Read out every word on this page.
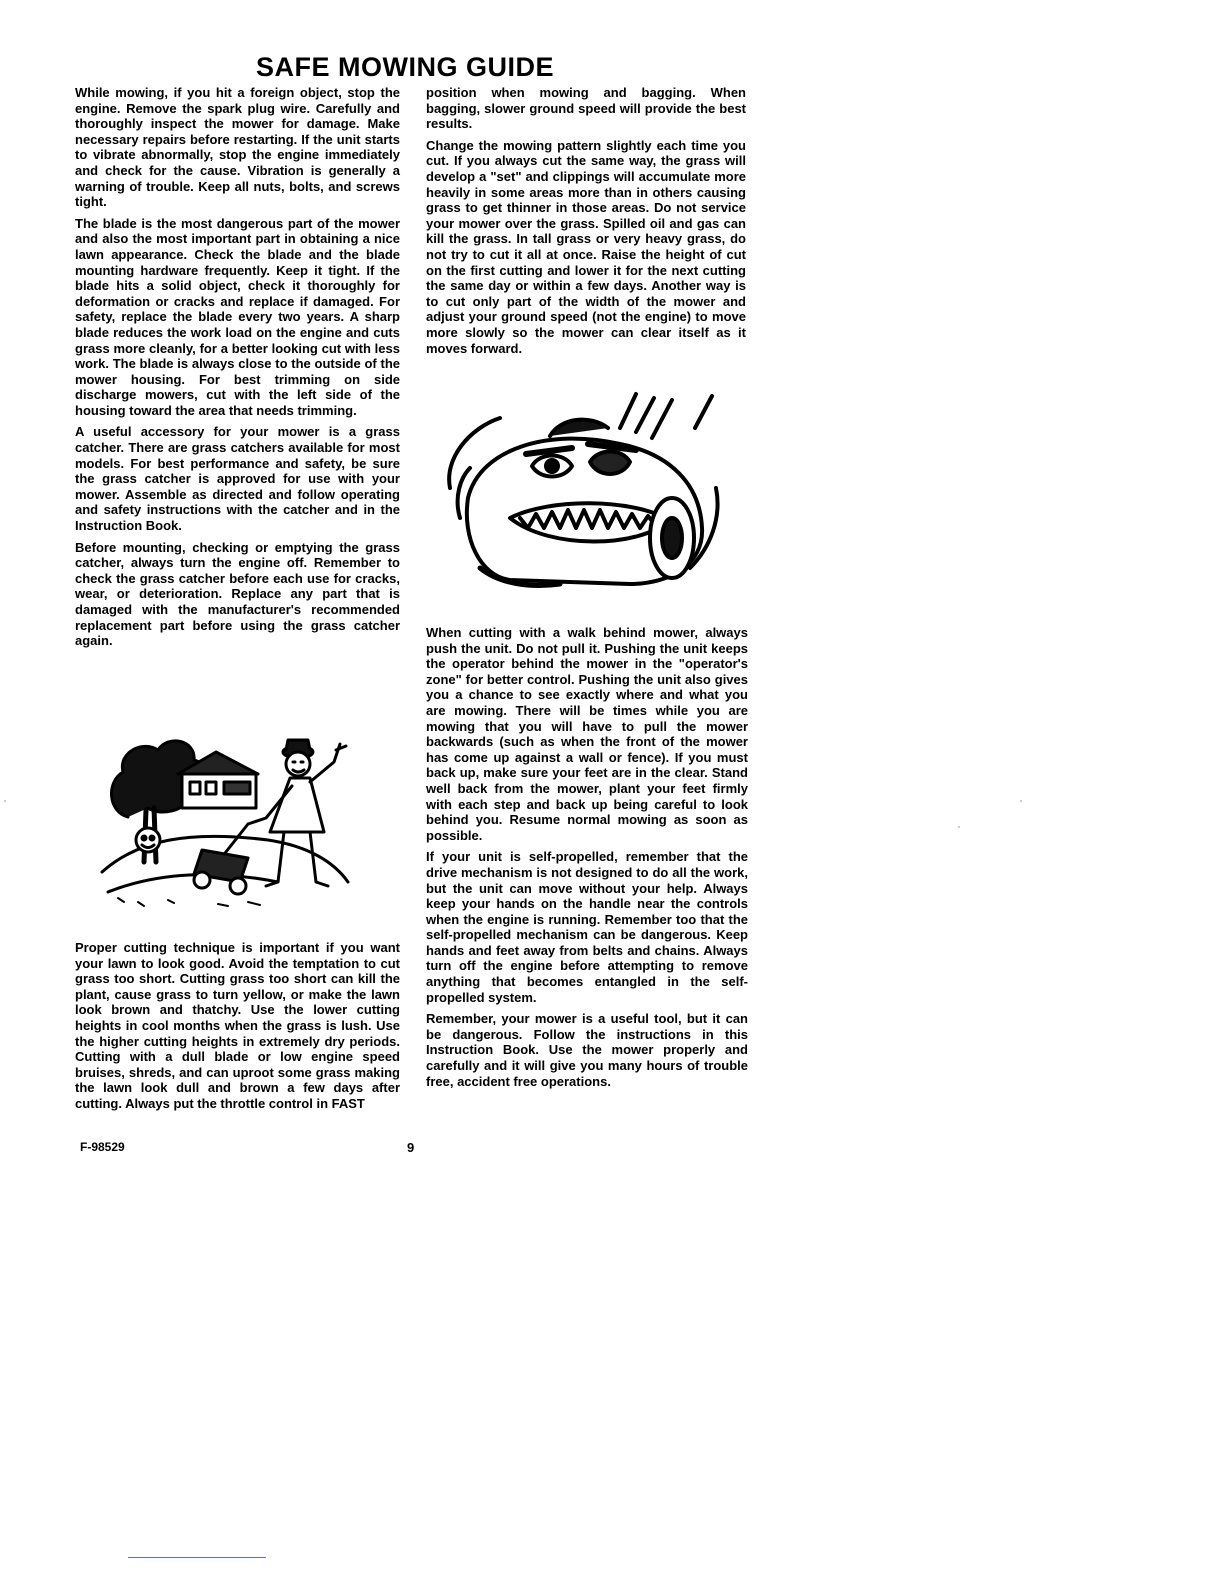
SAFE MOWING GUIDE

While mowing, if you hit a foreign object, stop the engine. Remove the spark plug wire. Carefully and thoroughly inspect the mower for damage. Make necessary repairs before restarting. If the unit starts to vibrate abnormally, stop the engine immediately and check for the cause. Vibration is generally a warning of trouble. Keep all nuts, bolts, and screws tight.

The blade is the most dangerous part of the mower and also the most important part in obtaining a nice lawn appearance. Check the blade and the blade mounting hardware frequently. Keep it tight. If the blade hits a solid object, check it thoroughly for deformation or cracks and replace if damaged. For safety, replace the blade every two years. A sharp blade reduces the work load on the engine and cuts grass more cleanly, for a better looking cut with less work. The blade is always close to the outside of the mower housing. For best trimming on side discharge mowers, cut with the left side of the housing toward the area that needs trimming.

A useful accessory for your mower is a grass catcher. There are grass catchers available for most models. For best performance and safety, be sure the grass catcher is approved for use with your mower. Assemble as directed and follow operating and safety instructions with the catcher and in the Instruction Book.

Before mounting, checking or emptying the grass catcher, always turn the engine off. Remember to check the grass catcher before each use for cracks, wear, or deterioration. Replace any part that is damaged with the manufacturer's recommended replacement part before using the grass catcher again.

Proper cutting technique is important if you want your lawn to look good. Avoid the temptation to cut grass too short. Cutting grass too short can kill the plant, cause grass to turn yellow, or make the lawn look brown and thatchy. Use the lower cutting heights in cool months when the grass is lush. Use the higher cutting heights in extremely dry periods. Cutting with a dull blade or low engine speed bruises, shreds, and can uproot some grass making the lawn look dull and brown a few days after cutting. Always put the throttle control in FAST

position when mowing and bagging. When bagging, slower ground speed will provide the best results.

Change the mowing pattern slightly each time you cut. If you always cut the same way, the grass will develop a "set" and clippings will accumulate more heavily in some areas more than in others causing grass to get thinner in those areas. Do not service your mower over the grass. Spilled oil and gas can kill the grass. In tall grass or very heavy grass, do not try to cut it all at once. Raise the height of cut on the first cutting and lower it for the next cutting the same day or within a few days. Another way is to cut only part of the width of the mower and adjust your ground speed (not the engine) to move more slowly so the mower can clear itself as it moves forward.

When cutting with a walk behind mower, always push the unit. Do not pull it. Pushing the unit keeps the operator behind the mower in the "operator's zone" for better control. Pushing the unit also gives you a chance to see exactly where and what you are mowing. There will be times while you are mowing that you will have to pull the mower backwards (such as when the front of the mower has come up against a wall or fence). If you must back up, make sure your feet are in the clear. Stand well back from the mower, plant your feet firmly with each step and back up being careful to look behind you. Resume normal mowing as soon as possible.

If your unit is self-propelled, remember that the drive mechanism is not designed to do all the work, but the unit can move without your help. Always keep your hands on the handle near the controls when the engine is running. Remember too that the self-propelled mechanism can be dangerous. Keep hands and feet away from belts and chains. Always turn off the engine before attempting to remove anything that becomes entangled in the self-propelled system.

Remember, your mower is a useful tool, but it can be dangerous. Follow the instructions in this Instruction Book. Use the mower properly and carefully and it will give you many hours of trouble free, accident free operations.

F-98529	9
